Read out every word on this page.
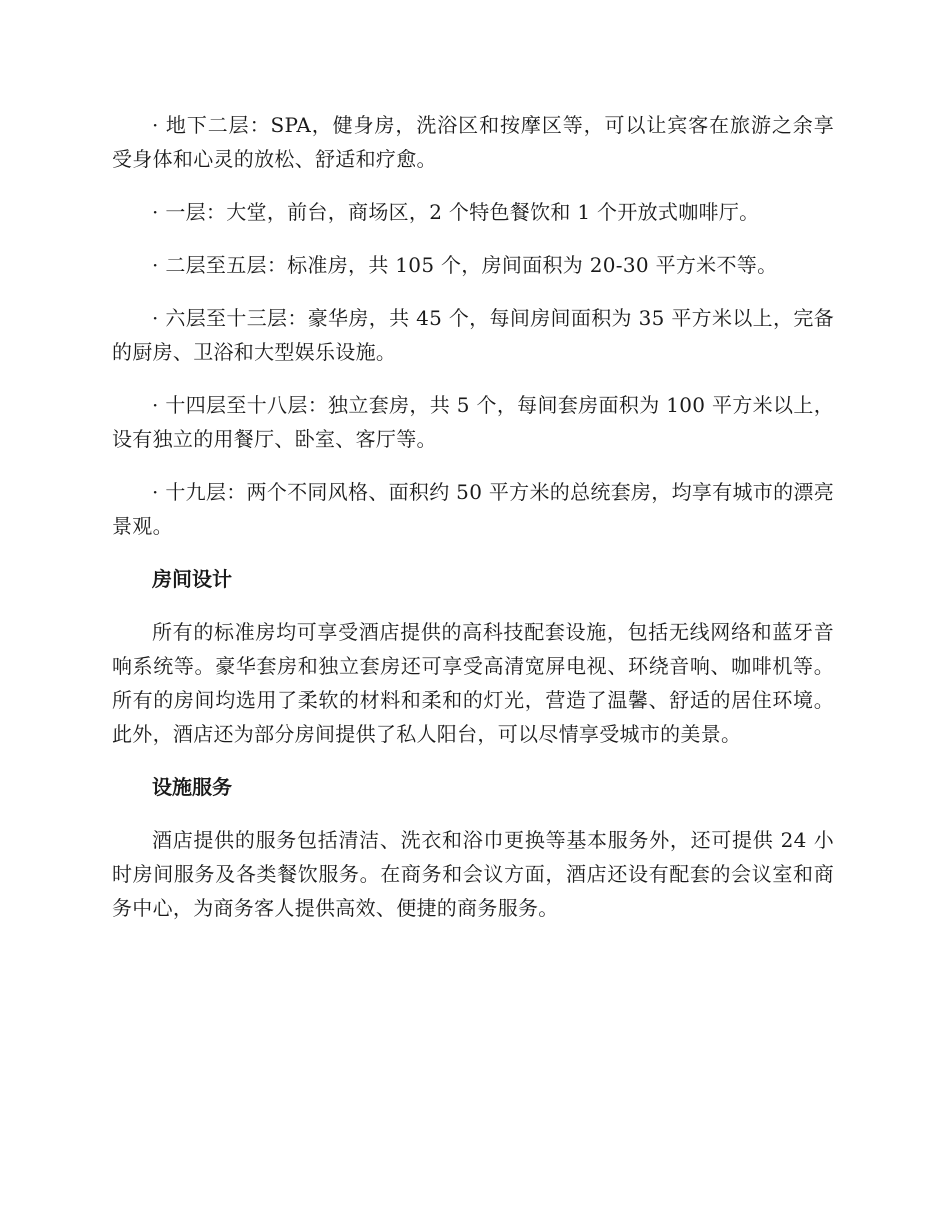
· 地下二层：SPA，健身房，洗浴区和按摩区等，可以让宾客在旅游之余享受身体和心灵的放松、舒适和疗愈。

· 一层：大堂，前台，商场区，2 个特色餐饮和 1 个开放式咖啡厅。

· 二层至五层：标准房，共 105 个，房间面积为 20-30 平方米不等。

· 六层至十三层：豪华房，共 45 个，每间房间面积为 35 平方米以上，完备的厨房、卫浴和大型娱乐设施。

· 十四层至十八层：独立套房，共 5 个，每间套房面积为 100 平方米以上，设有独立的用餐厅、卧室、客厅等。

· 十九层：两个不同风格、面积约 50 平方米的总统套房，均享有城市的漂亮景观。

房间设计

所有的标准房均可享受酒店提供的高科技配套设施，包括无线网络和蓝牙音响系统等。豪华套房和独立套房还可享受高清宽屏电视、环绕音响、咖啡机等。所有的房间均选用了柔软的材料和柔和的灯光，营造了温馨、舒适的居住环境。此外，酒店还为部分房间提供了私人阳台，可以尽情享受城市的美景。

设施服务

酒店提供的服务包括清洁、洗衣和浴巾更换等基本服务外，还可提供 24 小时房间服务及各类餐饮服务。在商务和会议方面，酒店还设有配套的会议室和商务中心，为商务客人提供高效、便捷的商务服务。
